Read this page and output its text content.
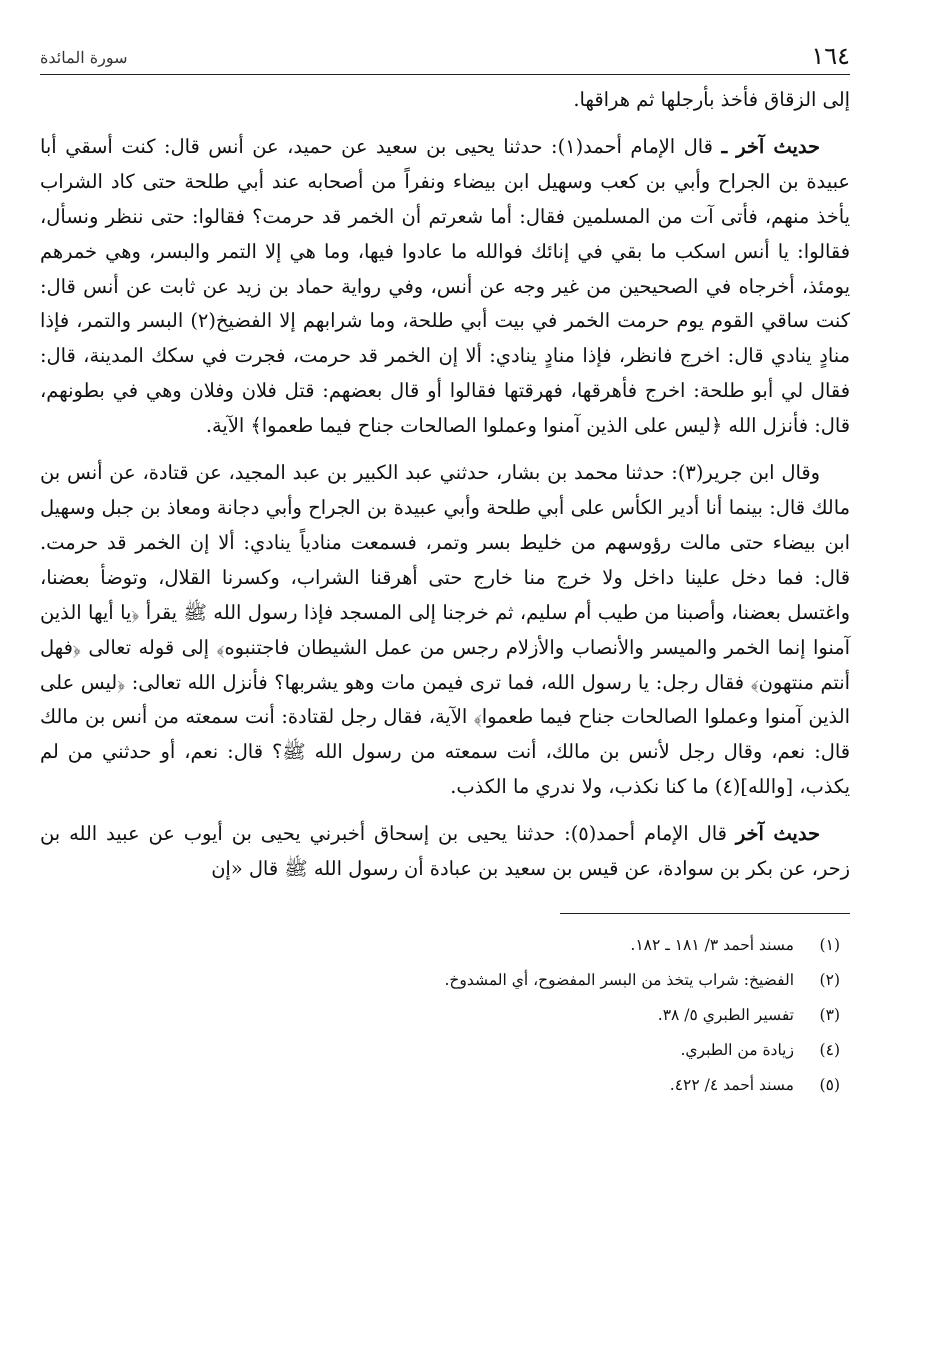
١٦٤
سورة المائدة

إلى الزقاق فأخذ بأرجلها ثم هراقها.

حديث آخر ـ قال الإمام أحمد(١): حدثنا يحيى بن سعيد عن حميد، عن أنس قال: كنت أسقي أبا عبيدة بن الجراح وأبي بن كعب وسهيل ابن بيضاء ونفراً من أصحابه عند أبي طلحة حتى كاد الشراب يأخذ منهم، فأتى آت من المسلمين فقال: أما شعرتم أن الخمر قد حرمت؟ فقالوا: حتى ننظر ونسأل، فقالوا: يا أنس اسكب ما بقي في إنائك فوالله ما عادوا فيها، وما هي إلا التمر والبسر، وهي خمرهم يومئذ، أخرجاه في الصحيحين من غير وجه عن أنس، وفي رواية حماد بن زيد عن ثابت عن أنس قال: كنت ساقي القوم يوم حرمت الخمر في بيت أبي طلحة، وما شرابهم إلا الفضيخ(٢) البسر والتمر، فإذا منادٍ ينادي قال: اخرج فانظر، فإذا منادٍ ينادي: ألا إن الخمر قد حرمت، فجرت في سكك المدينة، قال: فقال لي أبو طلحة: اخرج فأهرقها، فهرقتها فقالوا أو قال بعضهم: قتل فلان وفلان وهي في بطونهم، قال: فأنزل الله ﴿ليس على الذين آمنوا وعملوا الصالحات جناح فيما طعموا﴾ الآية.

وقال ابن جرير(٣): حدثنا محمد بن بشار، حدثني عبد الكبير بن عبد المجيد، عن قتادة، عن أنس بن مالك قال: بينما أنا أدير الكأس على أبي طلحة وأبي عبيدة بن الجراح وأبي دجانة ومعاذ بن جبل وسهيل ابن بيضاء حتى مالت رؤوسهم من خليط بسر وتمر، فسمعت منادياً ينادي: ألا إن الخمر قد حرمت. قال: فما دخل علينا داخل ولا خرج منا خارج حتى أهرقنا الشراب، وكسرنا القلال، وتوضأ بعضنا، واغتسل بعضنا، وأصبنا من طيب أم سليم، ثم خرجنا إلى المسجد فإذا رسول الله ﷺ يقرأ ﴿يا أيها الذين آمنوا إنما الخمر والميسر والأنصاب والأزلام رجس من عمل الشيطان فاجتنبوه﴾ إلى قوله تعالى ﴿فهل أنتم منتهون﴾ فقال رجل: يا رسول الله، فما ترى فيمن مات وهو يشربها؟ فأنزل الله تعالى: ﴿ليس على الذين آمنوا وعملوا الصالحات جناح فيما طعموا﴾ الآية، فقال رجل لقتادة: أنت سمعته من أنس بن مالك قال: نعم، وقال رجل لأنس بن مالك، أنت سمعته من رسول الله ﷺ؟ قال: نعم، أو حدثني من لم يكذب، [والله](٤) ما كنا نكذب، ولا ندري ما الكذب.

حديث آخر قال الإمام أحمد(٥): حدثنا يحيى بن إسحاق أخبرني يحيى بن أيوب عن عبيد الله بن زحر، عن بكر بن سوادة، عن قيس بن سعيد بن عبادة أن رسول الله ﷺ قال «إن

(١)مسند أحمد ٣/ ١٨١ ـ ١٨٢.

(٢)الفضيخ: شراب يتخذ من البسر المفضوح، أي المشدوخ.

(٣)تفسير الطبري ٥/ ٣٨.

(٤)زيادة من الطبري.

(٥)مسند أحمد ٤/ ٤٢٢.
